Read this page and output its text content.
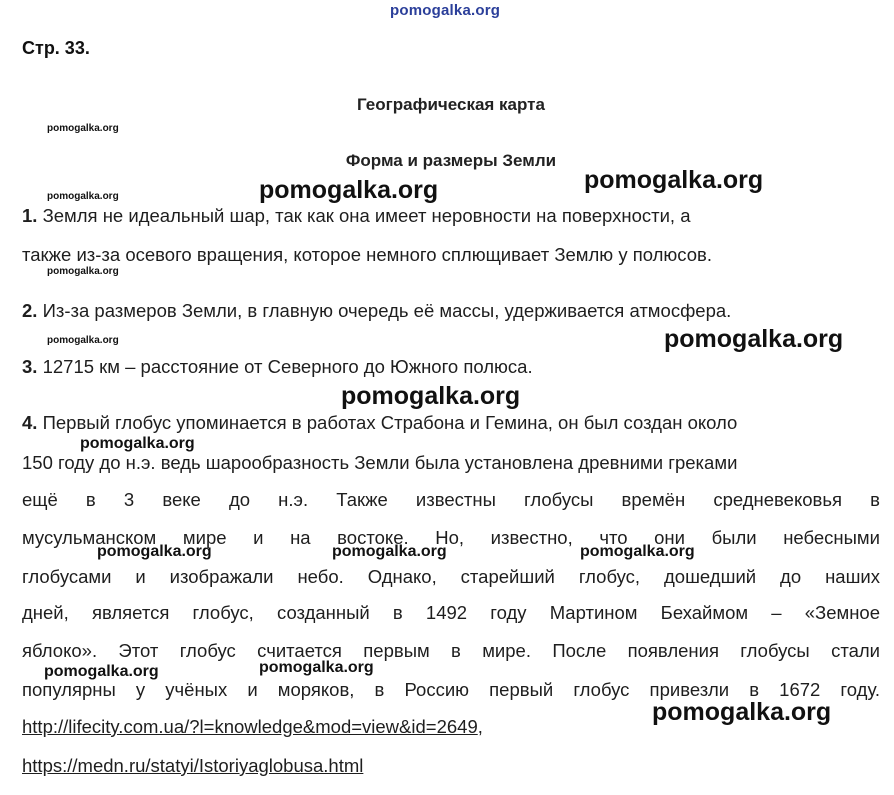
pomogalka.org
Стр. 33.
Географическая карта
Форма и размеры Земли
1. Земля не идеальный шар, так как она имеет неровности на поверхности, а
также из-за осевого вращения, которое немного сплющивает Землю у полюсов.
2. Из-за размеров Земли, в главную очередь её массы, удерживается атмосфера.
3. 12715 км – расстояние от Северного до Южного полюса.
4. Первый глобус упоминается в работах Страбона и Гемина, он был создан около
150 году до н.э. ведь шарообразность Земли была установлена древними греками
ещё в 3 веке до н.э. Также известны глобусы времён средневековья в
мусульманском мире и на востоке. Но, известно, что они были небесными
глобусами и изображали небо. Однако, старейший глобус, дошедший до наших
дней, является глобус, созданный в 1492 году Мартином Бехаймом – «Земное
яблоко». Этот глобус считается первым в мире. После появления глобусы стали
популярны у учёных и моряков, в Россию первый глобус привезли в 1672 году.
http://lifecity.com.ua/?l=knowledge&mod=view&id=2649,
https://medn.ru/statyi/Istoriyaglobusa.html
pomogalka.org
pomogalka.org
pomogalka.org
pomogalka.org
pomogalka.org	pomogalka.org
pomogalka.org
pomogalka.org
pomogalka.org
pomogalka.org
pomogalka.org	pomogalka.org	pomogalka.org
pomogalka.org	pomogalka.org
